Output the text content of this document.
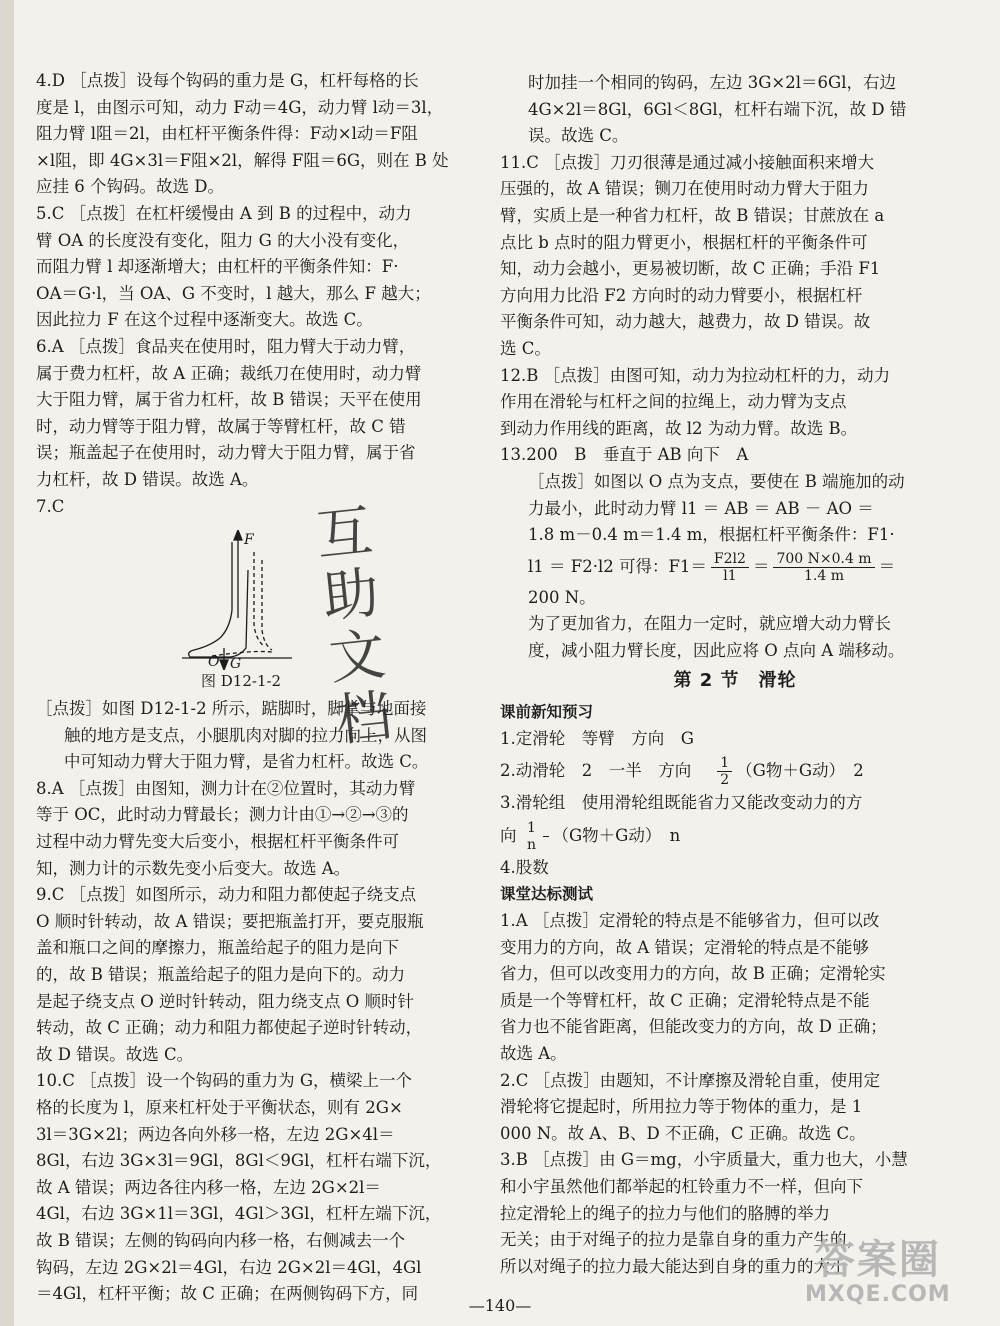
4.D ［点拨］设每个钩码的重力是 G，杠杆每格的长
度是 l，由图示可知，动力 F动＝4G，动力臂 l动＝3l，
阻力臂 l阻＝2l，由杠杆平衡条件得：F动×l动＝F阻
×l阻，即 4G×3l＝F阻×2l，解得 F阻＝6G，则在 B 处
应挂 6 个钩码。故选 D。
5.C ［点拨］在杠杆缓慢由 A 到 B 的过程中，动力
臂 OA 的长度没有变化，阻力 G 的大小没有变化，
而阻力臂 l 却逐渐增大；由杠杆的平衡条件知：F·
OA＝G·l，当 OA、G 不变时，l 越大，那么 F 越大；
因此拉力 F 在这个过程中逐渐变大。故选 C。
6.A ［点拨］食品夹在使用时，阻力臂大于动力臂，
属于费力杠杆，故 A 正确；裁纸刀在使用时，动力臂
大于阻力臂，属于省力杠杆，故 B 错误；天平在使用
时，动力臂等于阻力臂，故属于等臂杠杆，故 C 错
误；瓶盖起子在使用时，动力臂大于阻力臂，属于省
力杠杆，故 D 错误。故选 A。
7.C
F
G
O
图 D12-1-2
［点拨］如图 D12-1-2 所示，踮脚时，脚掌与地面接
触的地方是支点，小腿肌肉对脚的拉力向上，从图
中可知动力臂大于阻力臂，是省力杠杆。故选 C。
8.A ［点拨］由图知，测力计在②位置时，其动力臂
等于 OC，此时动力臂最长；测力计由①→②→③的
过程中动力臂先变大后变小，根据杠杆平衡条件可
知，测力计的示数先变小后变大。故选 A。
9.C ［点拨］如图所示，动力和阻力都使起子绕支点
O 顺时针转动，故 A 错误；要把瓶盖打开，要克服瓶
盖和瓶口之间的摩擦力，瓶盖给起子的阻力是向下
的，故 B 错误；瓶盖给起子的阻力是向下的。动力
是起子绕支点 O 逆时针转动，阻力绕支点 O 顺时针
转动，故 C 正确；动力和阻力都使起子逆时针转动，
故 D 错误。故选 C。
10.C ［点拨］设一个钩码的重力为 G，横梁上一个
格的长度为 l，原来杠杆处于平衡状态，则有 2G×
3l＝3G×2l；两边各向外移一格，左边 2G×4l＝
8Gl，右边 3G×3l＝9Gl，8Gl＜9Gl，杠杆右端下沉，
故 A 错误；两边各往内移一格，左边 2G×2l＝
4Gl，右边 3G×1l＝3Gl，4Gl＞3Gl，杠杆左端下沉，
故 B 错误；左侧的钩码向内移一格，右侧减去一个
钩码，左边 2G×2l＝4Gl，右边 2G×2l＝4Gl，4Gl
＝4Gl，杠杆平衡；故 C 正确；在两侧钩码下方，同
互助文档
时加挂一个相同的钩码，左边 3G×2l＝6Gl，右边
4G×2l＝8Gl，6Gl＜8Gl，杠杆右端下沉，故 D 错
误。故选 C。
11.C ［点拨］刀刃很薄是通过减小接触面积来增大
压强的，故 A 错误；铡刀在使用时动力臂大于阻力
臂，实质上是一种省力杠杆，故 B 错误；甘蔗放在 a
点比 b 点时的阻力臂更小，根据杠杆的平衡条件可
知，动力会越小，更易被切断，故 C 正确；手沿 F1
方向用力比沿 F2 方向时的动力臂要小，根据杠杆
平衡条件可知，动力越大，越费力，故 D 错误。故
选 C。
12.B ［点拨］由图可知，动力为拉动杠杆的力，动力
作用在滑轮与杠杆之间的拉绳上，动力臂为支点
到动力作用线的距离，故 l2 为动力臂。故选 B。
13.200　B　垂直于 AB 向下　A
［点拨］如图以 O 点为支点，要使在 B 端施加的动
力最小，此时动力臂 l1 ＝ AB ＝ AB － AO ＝
1.8 m－0.4 m＝1.4 m，根据杠杆平衡条件：F1·
l1 ＝ F2·l2 可得：$F1= \frac{F2l2}{l1} = \frac{700 N\times 0.4 m}{1.4 m}$ ＝
200 N。
为了更加省力，在阻力一定时，就应增大动力臂长
度，减小阻力臂长度，因此应将 O 点向 A 端移动。
第 2 节　滑轮
课前新知预习
1.定滑轮　等臂　方向　G
2.动滑轮　2　一半　方向 $\frac{1}{2} (G$物＋G动）　2
3.滑轮组　使用滑轮组既能省力又能改变动力的方
向 $\frac{1}{n} (G$物＋G动）　n
4.股数
课堂达标测试
1.A ［点拨］定滑轮的特点是不能够省力，但可以改
变用力的方向，故 A 错误；定滑轮的特点是不能够
省力，但可以改变用力的方向，故 B 正确；定滑轮实
质是一个等臂杠杆，故 C 正确；定滑轮特点是不能
省力也不能省距离，但能改变力的方向，故 D 正确；
故选 A。
2.C ［点拨］由题知，不计摩擦及滑轮自重，使用定
滑轮将它提起时，所用拉力等于物体的重力，是 1
000 N。故 A、B、D 不正确，C 正确。故选 C。
3.B ［点拨］由 G＝mg，小宇质量大，重力也大，小慧
和小宇虽然他们都举起的杠铃重力不一样，但向下
拉定滑轮上的绳子的拉力与他们的胳膊的举力
无关；由于对绳子的拉力是靠自身的重力产生的，
所以对绳子的拉力最大能达到自身的重力的大小
—140—
答案圈
MXQE.COM
